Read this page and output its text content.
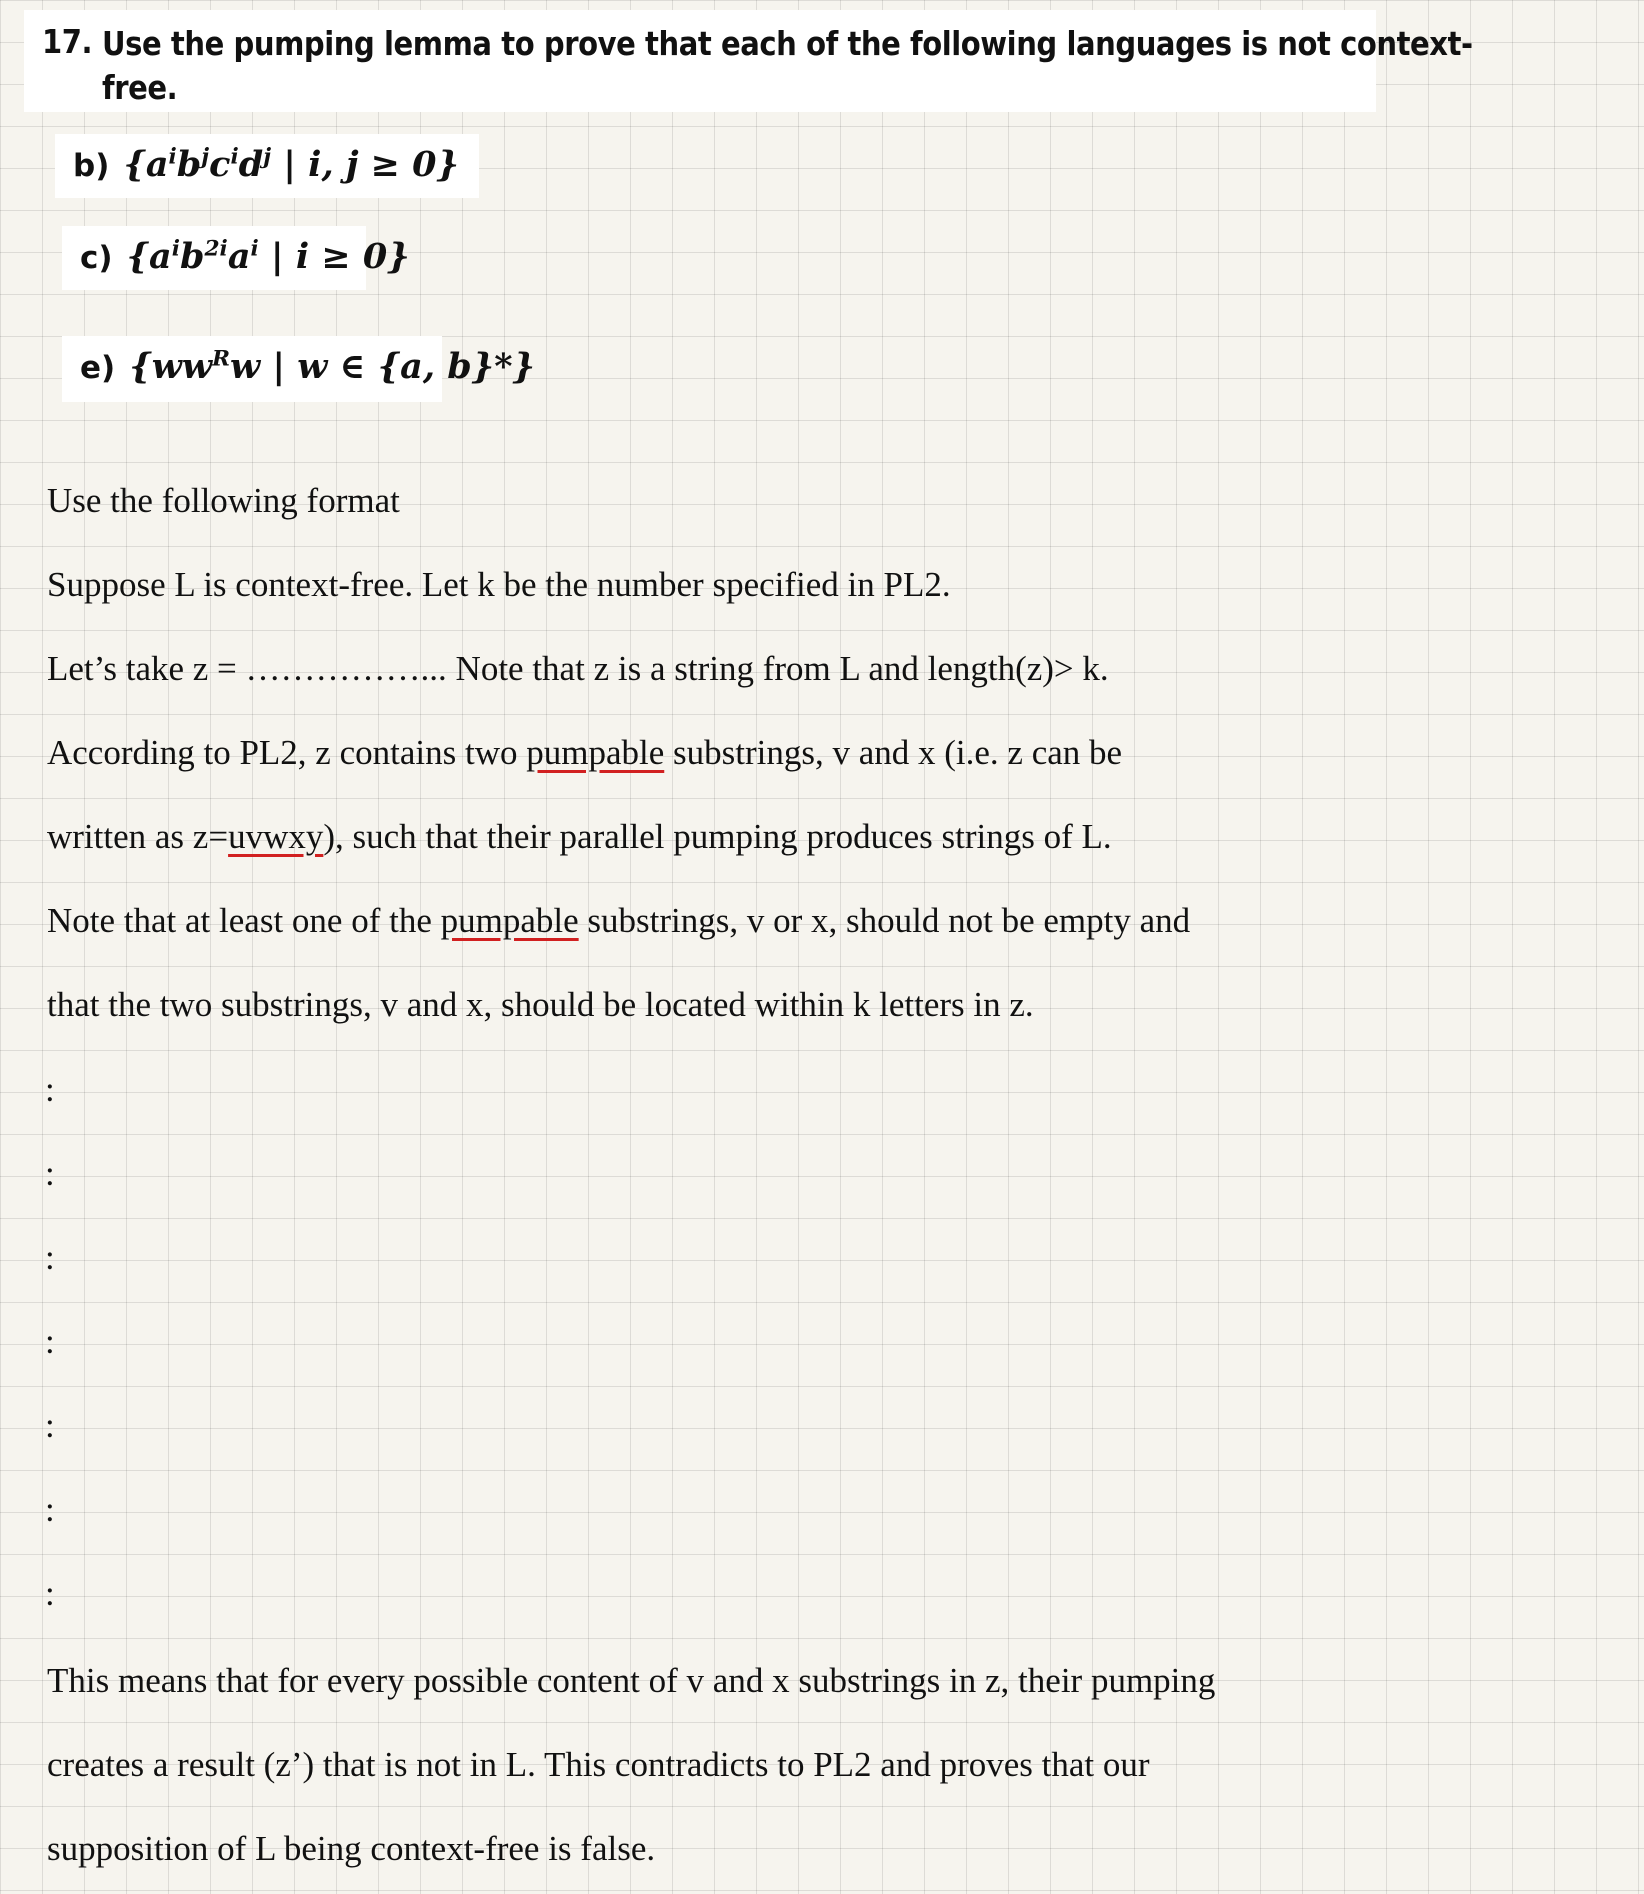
17. Use the pumping lemma to prove that each of the following languages is not context-
free.
b) {$a^ib^jc^id^j$ | i, j ≥ 0}
c) {$a^ib^{2i}a^i$ | i ≥ 0}
e) {$ww^Rw$ | w ∈ {a, b}*}
Use the following format
Suppose L is context-free. Let k be the number specified in PL2.
Let’s take z = ……………... Note that z is a string from L and length(z)> k.
According to PL2, z contains two pumpable substrings, v and x (i.e. z can be
written as z=uvwxy), such that their parallel pumping produces strings of L.
Note that at least one of the pumpable substrings, v or x, should not be empty and
that the two substrings, v and x, should be located within k letters in z.
:
:
:
:
:
:
:
This means that for every possible content of v and x substrings in z, their pumping
creates a result (z’) that is not in L. This contradicts to PL2 and proves that our
supposition of L being context-free is false.
